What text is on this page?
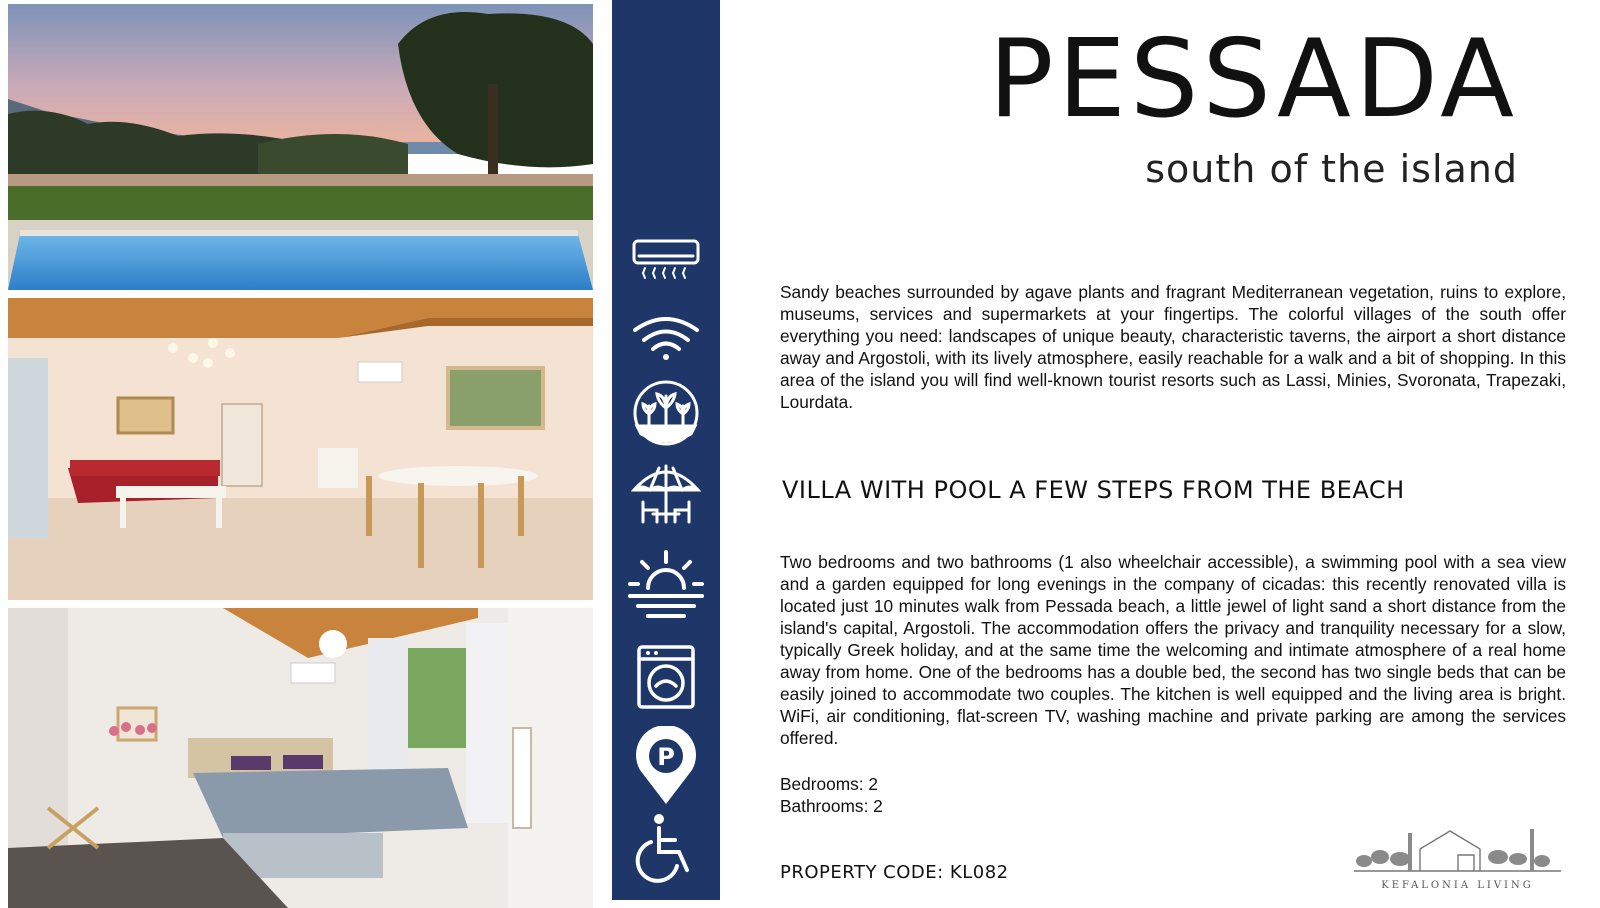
P
PESSADA
south of the island

Sandy beaches surrounded by agave plants and fragrant Mediterranean vegetation, ruins to explore, museums, services and supermarkets at your fingertips. The colorful villages of the south offer everything you need: landscapes of unique beauty, characteristic taverns, the airport a short distance away and Argostoli, with its lively atmosphere, easily reachable for a walk and a bit of shopping. In this area of the island you will find well-known tourist resorts such as Lassi, Minies, Svoronata, Trapezaki, Lourdata.

VILLA WITH POOL A FEW STEPS FROM THE BEACH

Two bedrooms and two bathrooms (1 also wheelchair accessible), a swimming pool with a sea view and a garden equipped for long evenings in the company of cicadas: this recently renovated villa is located just 10 minutes walk from Pessada beach, a little jewel of light sand a short distance from the island's capital, Argostoli. The accommodation offers the privacy and tranquility necessary for a slow, typically Greek holiday, and at the same time the welcoming and intimate atmosphere of a real home away from home. One of the bedrooms has a double bed, the second has two single beds that can be easily joined to accommodate two couples. The kitchen is well equipped and the living area is bright. WiFi, air conditioning, flat-screen TV, washing machine and private parking are among the services offered.

Bedrooms: 2
Bathrooms: 2
PROPERTY CODE: KL082
KEFALONIA LIVING
